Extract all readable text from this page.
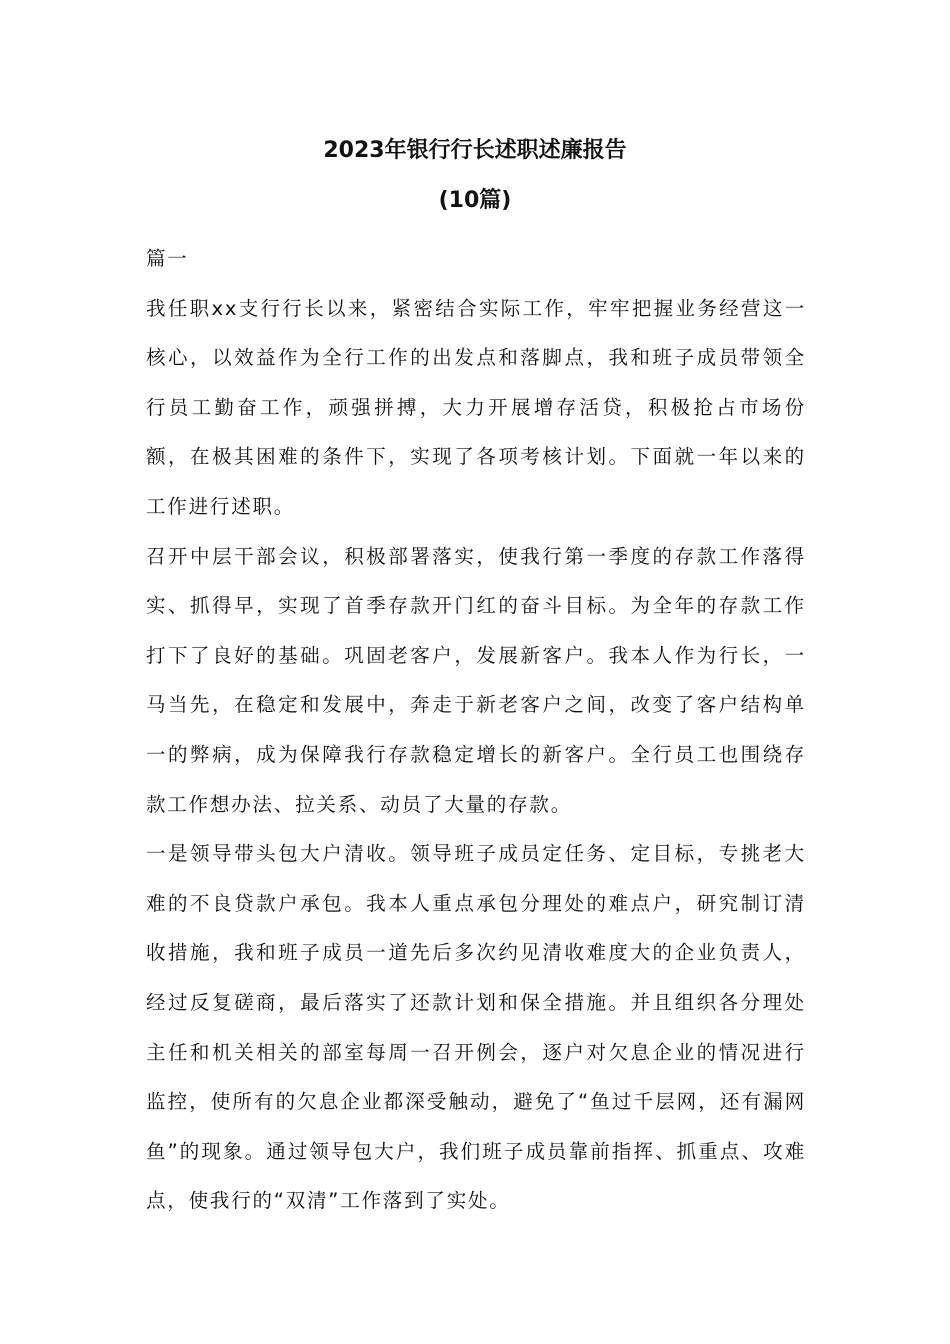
2023年银行行长述职述廉报告
(10篇)

篇一

我任职xx支行行长以来，紧密结合实际工作，牢牢把握业务经营这一核心，以效益作为全行工作的出发点和落脚点，我和班子成员带领全行员工勤奋工作，顽强拼搏，大力开展增存活贷，积极抢占市场份额，在极其困难的条件下，实现了各项考核计划。下面就一年以来的工作进行述职。

召开中层干部会议，积极部署落实，使我行第一季度的存款工作落得实、抓得早，实现了首季存款开门红的奋斗目标。为全年的存款工作打下了良好的基础。巩固老客户，发展新客户。我本人作为行长，一马当先，在稳定和发展中，奔走于新老客户之间，改变了客户结构单一的弊病，成为保障我行存款稳定增长的新客户。全行员工也围绕存款工作想办法、拉关系、动员了大量的存款。

一是领导带头包大户清收。领导班子成员定任务、定目标，专挑老大难的不良贷款户承包。我本人重点承包分理处的难点户，研究制订清收措施，我和班子成员一道先后多次约见清收难度大的企业负责人，经过反复磋商，最后落实了还款计划和保全措施。并且组织各分理处主任和机关相关的部室每周一召开例会，逐户对欠息企业的情况进行监控，使所有的欠息企业都深受触动，避免了“鱼过千层网，还有漏网鱼”的现象。通过领导包大户，我们班子成员靠前指挥、抓重点、攻难点，使我行的“双清”工作落到了实处。
